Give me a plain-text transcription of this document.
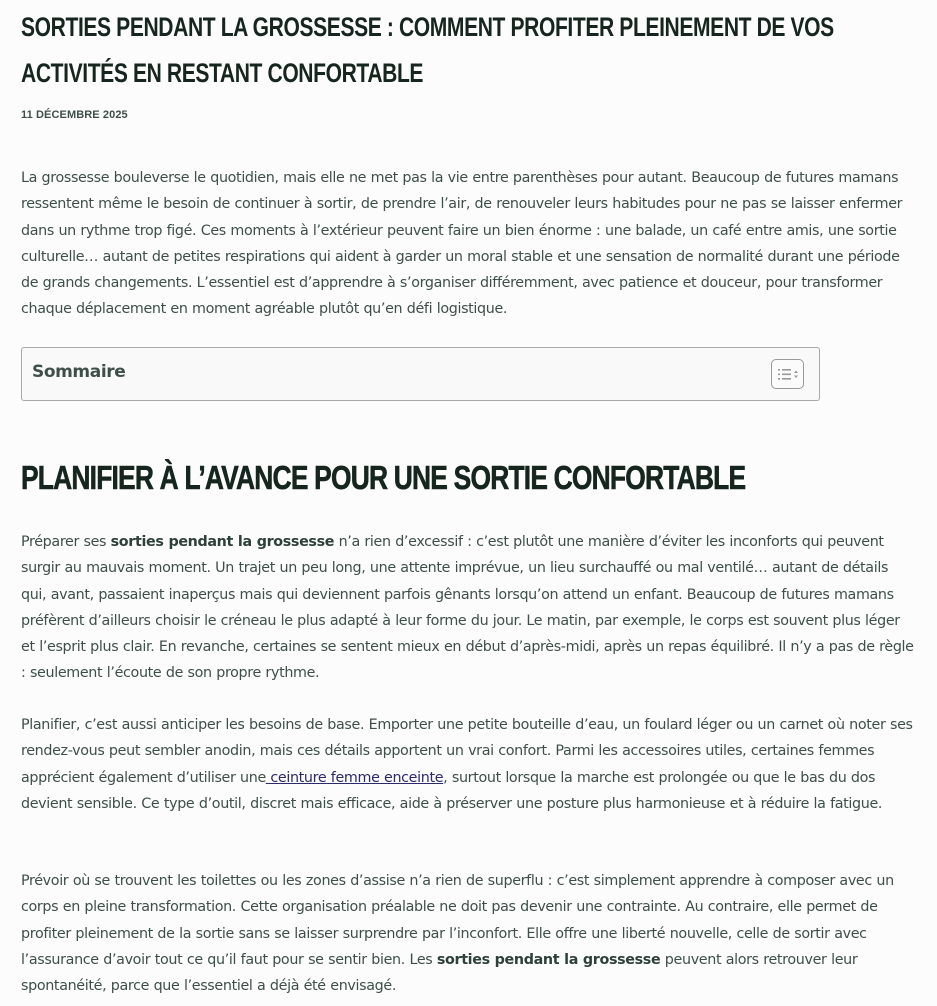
SORTIES PENDANT LA GROSSESSE : COMMENT PROFITER PLEINEMENT DE VOS ACTIVITÉS EN RESTANT CONFORTABLE
11 DÉCEMBRE 2025

La grossesse bouleverse le quotidien, mais elle ne met pas la vie entre parenthèses pour autant. Beaucoup de futures mamans ressentent même le besoin de continuer à sortir, de prendre l’air, de renouveler leurs habitudes pour ne pas se laisser enfermer dans un rythme trop figé. Ces moments à l’extérieur peuvent faire un bien énorme : une balade, un café entre amis, une sortie culturelle… autant de petites respirations qui aident à garder un moral stable et une sensation de normalité durant une période de grands changements. L’essentiel est d’apprendre à s’organiser différemment, avec patience et douceur, pour transformer chaque déplacement en moment agréable plutôt qu’en défi logistique.

Sommaire
PLANIFIER À L’AVANCE POUR UNE SORTIE CONFORTABLE

Préparer ses sorties pendant la grossesse n’a rien d’excessif : c’est plutôt une manière d’éviter les inconforts qui peuvent surgir au mauvais moment. Un trajet un peu long, une attente imprévue, un lieu surchauffé ou mal ventilé… autant de détails qui, avant, passaient inaperçus mais qui deviennent parfois gênants lorsqu’on attend un enfant. Beaucoup de futures mamans préfèrent d’ailleurs choisir le créneau le plus adapté à leur forme du jour. Le matin, par exemple, le corps est souvent plus léger et l’esprit plus clair. En revanche, certaines se sentent mieux en début d’après-midi, après un repas équilibré. Il n’y a pas de règle : seulement l’écoute de son propre rythme.

Planifier, c’est aussi anticiper les besoins de base. Emporter une petite bouteille d’eau, un foulard léger ou un carnet où noter ses rendez-vous peut sembler anodin, mais ces détails apportent un vrai confort. Parmi les accessoires utiles, certaines femmes apprécient également d’utiliser une ceinture femme enceinte, surtout lorsque la marche est prolongée ou que le bas du dos devient sensible. Ce type d’outil, discret mais efficace, aide à préserver une posture plus harmonieuse et à réduire la fatigue.

Prévoir où se trouvent les toilettes ou les zones d’assise n’a rien de superflu : c’est simplement apprendre à composer avec un corps en pleine transformation. Cette organisation préalable ne doit pas devenir une contrainte. Au contraire, elle permet de profiter pleinement de la sortie sans se laisser surprendre par l’inconfort. Elle offre une liberté nouvelle, celle de sortir avec l’assurance d’avoir tout ce qu’il faut pour se sentir bien. Les sorties pendant la grossesse peuvent alors retrouver leur spontanéité, parce que l’essentiel a déjà été envisagé.
